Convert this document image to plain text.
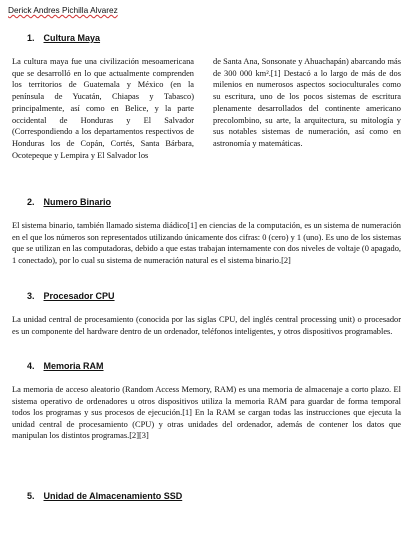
Derick Andres Pichilla Alvarez
1. Cultura Maya
La cultura maya fue una civilización mesoamericana que se desarrolló en lo que actualmente comprenden los territorios de Guatemala y México (en la península de Yucatán, Chiapas y Tabasco) principalmente, así como en Belice, y la parte occidental de Honduras y El Salvador (Correspondiendo a los departamentos respectivos de Honduras los de Copán, Cortés, Santa Bárbara, Ocotepeque y Lempira y El Salvador los
de Santa Ana, Sonsonate y Ahuachapán) abarcando más de 300 000 km².[1] Destacó a lo largo de más de dos milenios en numerosos aspectos socioculturales como su escritura, uno de los pocos sistemas de escritura plenamente desarrollados del continente americano precolombino, su arte, la arquitectura, su mitología y sus notables sistemas de numeración, así como en astronomía y matemáticas.
2. Numero Binario
El sistema binario, también llamado sistema diádico[1] en ciencias de la computación, es un sistema de numeración en el que los números son representados utilizando únicamente dos cifras: 0 (cero) y 1 (uno). Es uno de los sistemas que se utilizan en las computadoras, debido a que estas trabajan internamente con dos niveles de voltaje (0 apagado, 1 conectado), por lo cual su sistema de numeración natural es el sistema binario.[2]
3. Procesador CPU
La unidad central de procesamiento (conocida por las siglas CPU, del inglés central processing unit) o procesador es un componente del hardware dentro de un ordenador, teléfonos inteligentes, y otros dispositivos programables.
4. Memoria RAM
La memoria de acceso aleatorio (Random Access Memory, RAM) es una memoria de almacenaje a corto plazo. El sistema operativo de ordenadores u otros dispositivos utiliza la memoria RAM para guardar de forma temporal todos los programas y sus procesos de ejecución.[1] En la RAM se cargan todas las instrucciones que ejecuta la unidad central de procesamiento (CPU) y otras unidades del ordenador, además de contener los datos que manipulan los distintos programas.[2][3]
5. Unidad de Almacenamiento SSD
